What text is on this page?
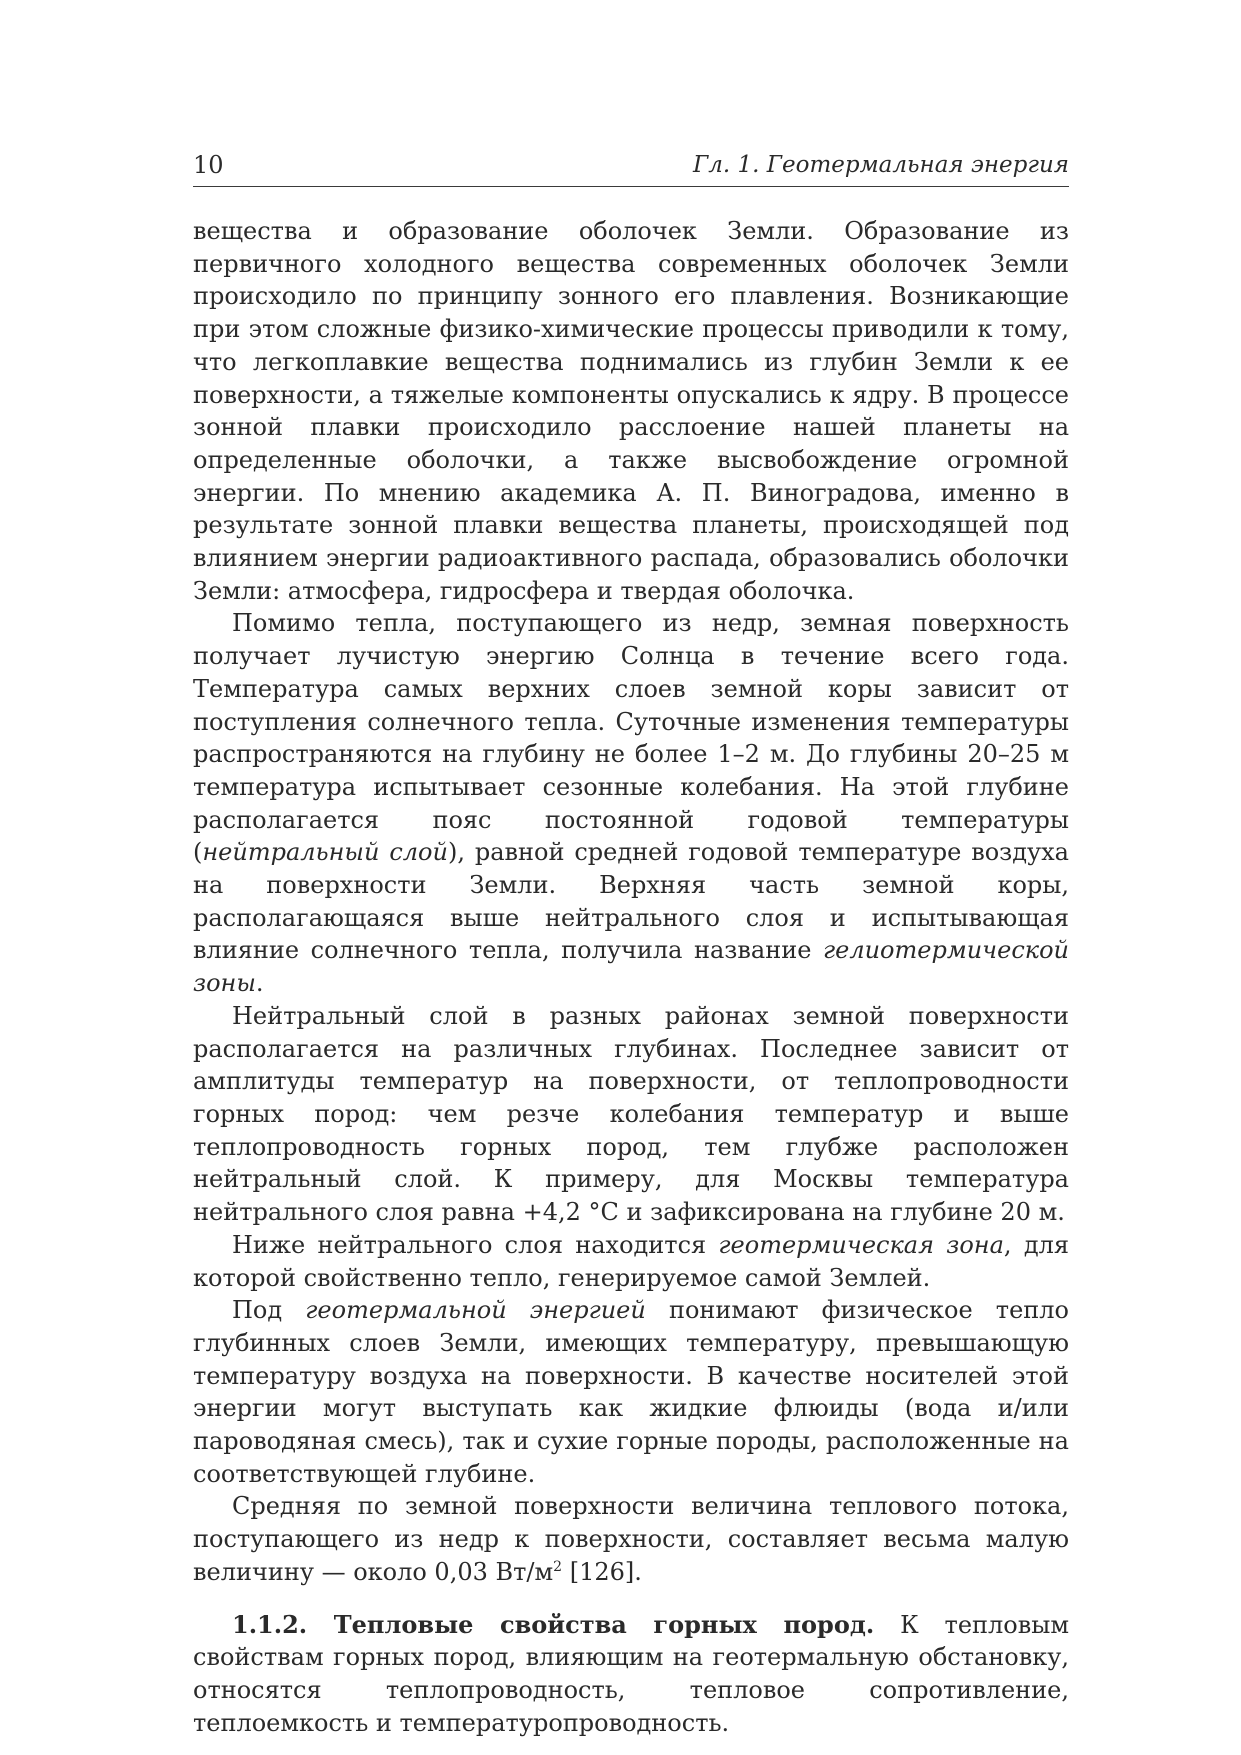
10	Гл. 1. Геотермальная энергия

вещества и образование оболочек Земли. Образование из первичного холодного вещества современных оболочек Земли происходило по принципу зонного его плавления. Возникающие при этом сложные физико-химические процессы приводили к тому, что легкоплавкие вещества поднимались из глубин Земли к ее поверхности, а тяжелые компоненты опускались к ядру. В процессе зонной плавки происходило расслоение нашей планеты на определенные оболочки, а также высвобождение огромной энергии. По мнению академика А. П. Виноградова, именно в результате зонной плавки вещества планеты, происходящей под влиянием энергии радиоактивного распада, образовались оболочки Земли: атмосфера, гидросфера и твердая оболочка.

Помимо тепла, поступающего из недр, земная поверхность получает лучистую энергию Солнца в течение всего года. Температура самых верхних слоев земной коры зависит от поступления солнечного тепла. Суточные изменения температуры распространяются на глубину не более 1–2 м. До глубины 20–25 м температура испытывает сезонные колебания. На этой глубине располагается пояс постоянной годовой температуры (нейтральный слой), равной средней годовой температуре воздуха на поверхности Земли. Верхняя часть земной коры, располагающаяся выше нейтрального слоя и испытывающая влияние солнечного тепла, получила название гелиотермической зоны.

Нейтральный слой в разных районах земной поверхности располагается на различных глубинах. Последнее зависит от амплитуды температур на поверхности, от теплопроводности горных пород: чем резче колебания температур и выше теплопроводность горных пород, тем глубже расположен нейтральный слой. К примеру, для Москвы температура нейтрального слоя равна +4,2 °C и зафиксирована на глубине 20 м.

Ниже нейтрального слоя находится геотермическая зона, для которой свойственно тепло, генерируемое самой Землей.

Под геотермальной энергией понимают физическое тепло глубинных слоев Земли, имеющих температуру, превышающую температуру воздуха на поверхности. В качестве носителей этой энергии могут выступать как жидкие флюиды (вода и/или пароводяная смесь), так и сухие горные породы, расположенные на соответствующей глубине.

Средняя по земной поверхности величина теплового потока, поступающего из недр к поверхности, составляет весьма малую величину — около 0,03 $Вт/м^2$ [126].

1.1.2. Тепловые свойства горных пород. К тепловым свойствам горных пород, влияющим на геотермальную обстановку, относятся теплопроводность, тепловое сопротивление, теплоемкость и температуропроводность.
